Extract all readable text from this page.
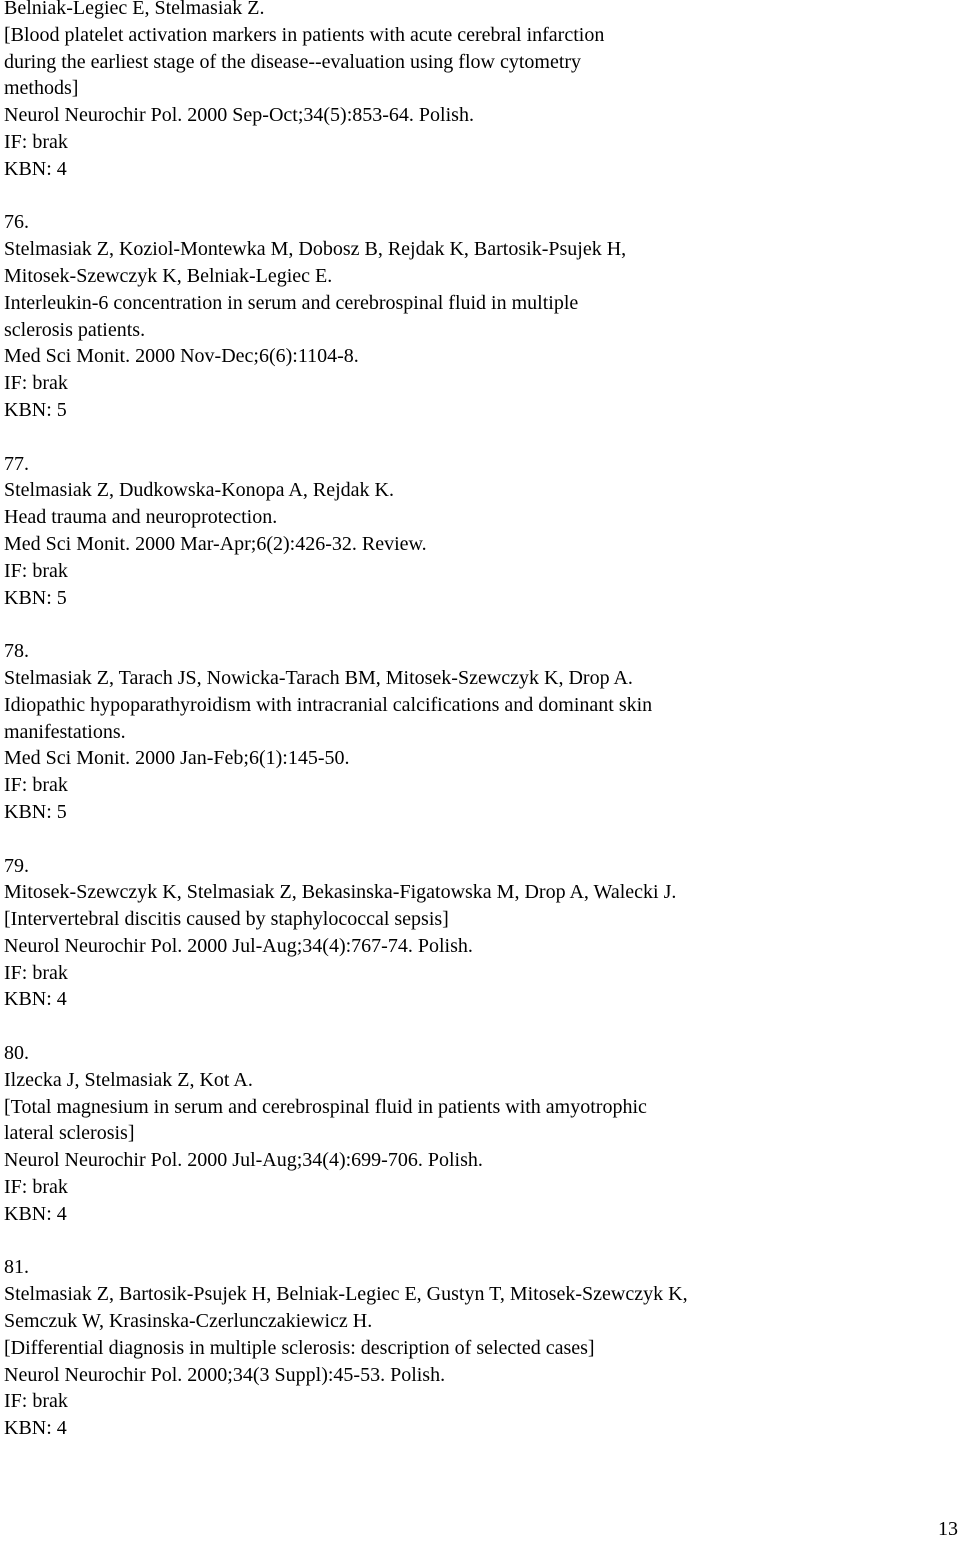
Belniak-Legiec E, Stelmasiak Z.
[Blood platelet activation markers in patients with acute cerebral infarction
during the earliest stage of the disease--evaluation using flow cytometry
methods]
Neurol Neurochir Pol. 2000 Sep-Oct;34(5):853-64. Polish.
IF: brak
KBN: 4
76.
Stelmasiak Z, Koziol-Montewka M, Dobosz B, Rejdak K, Bartosik-Psujek H,
Mitosek-Szewczyk K, Belniak-Legiec E.
Interleukin-6 concentration in serum and cerebrospinal fluid in multiple
sclerosis patients.
Med Sci Monit. 2000 Nov-Dec;6(6):1104-8.
IF: brak
KBN: 5
77.
Stelmasiak Z, Dudkowska-Konopa A, Rejdak K.
Head trauma and neuroprotection.
Med Sci Monit. 2000 Mar-Apr;6(2):426-32. Review.
IF: brak
KBN: 5
78.
Stelmasiak Z, Tarach JS, Nowicka-Tarach BM, Mitosek-Szewczyk K, Drop A.
Idiopathic hypoparathyroidism with intracranial calcifications and dominant skin
manifestations.
Med Sci Monit. 2000 Jan-Feb;6(1):145-50.
IF: brak
KBN: 5
79.
Mitosek-Szewczyk K, Stelmasiak Z, Bekasinska-Figatowska M, Drop A, Walecki J.
[Intervertebral discitis caused by staphylococcal sepsis]
Neurol Neurochir Pol. 2000 Jul-Aug;34(4):767-74. Polish.
IF: brak
KBN: 4
80.
Ilzecka J, Stelmasiak Z, Kot A.
[Total magnesium in serum and cerebrospinal fluid in patients with amyotrophic
lateral sclerosis]
Neurol Neurochir Pol. 2000 Jul-Aug;34(4):699-706. Polish.
IF: brak
KBN: 4
81.
Stelmasiak Z, Bartosik-Psujek H, Belniak-Legiec E, Gustyn T, Mitosek-Szewczyk K,
Semczuk W, Krasinska-Czerlunczakiewicz H.
[Differential diagnosis in multiple sclerosis: description of selected cases]
Neurol Neurochir Pol. 2000;34(3 Suppl):45-53. Polish.
IF: brak
KBN: 4
13
